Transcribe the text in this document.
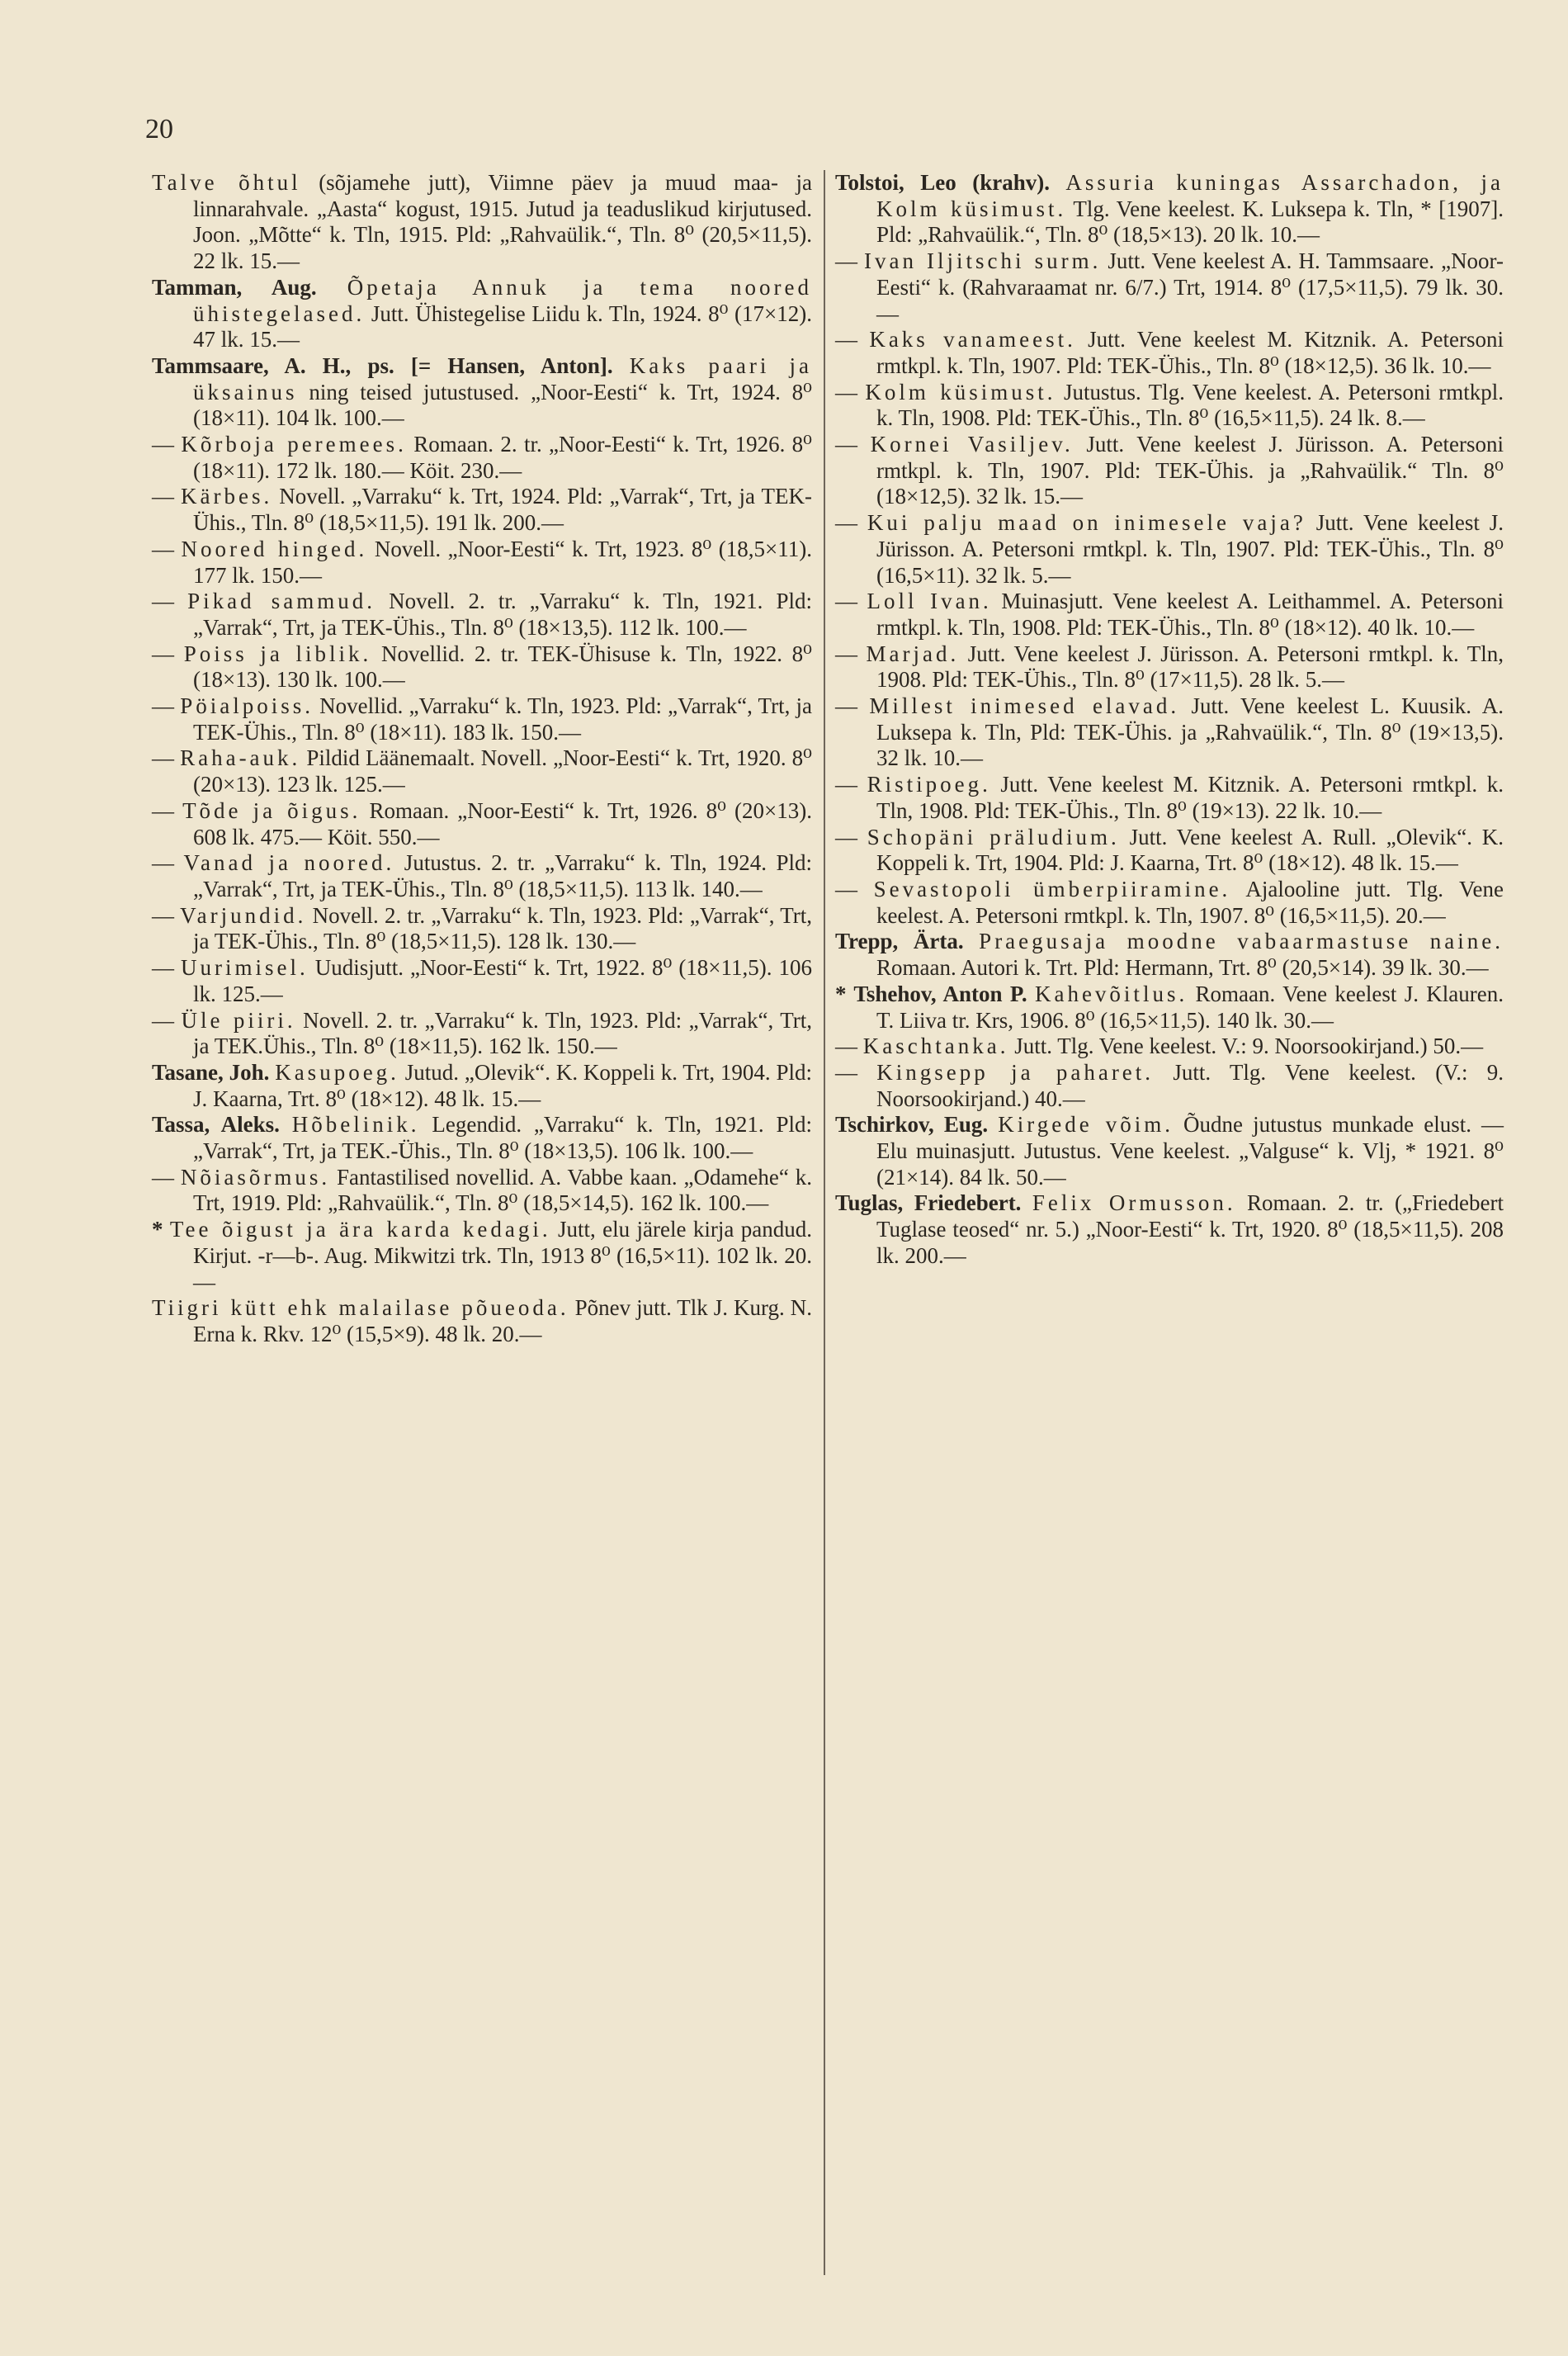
20

Talve õhtul (sõjamehe jutt), Viimne päev ja muud maa- ja linnarahvale. „Aasta“ kogust, 1915. Jutud ja teaduslikud kirjutused. Joon. „Mõtte“ k. Tln, 1915. Pld: „Rahvaülik.“, Tln. 8⁰ (20,5×11,5). 22 lk. 15.—

Tamman, Aug. Õpetaja Annuk ja tema noored ühistegelased. Jutt. Ühistegelise Liidu k. Tln, 1924. 8⁰ (17×12). 47 lk. 15.—

Tammsaare, A. H., ps. [= Hansen, Anton]. Kaks paari ja üksainus ning teised jutustused. „Noor-Eesti“ k. Trt, 1924. 8⁰ (18×11). 104 lk. 100.—

— Kõrboja peremees. Romaan. 2. tr. „Noor-Eesti“ k. Trt, 1926. 8⁰ (18×11). 172 lk. 180.— Köit. 230.—

— Kärbes. Novell. „Varraku“ k. Trt, 1924. Pld: „Varrak“, Trt, ja TEK-Ühis., Tln. 8⁰ (18,5×11,5). 191 lk. 200.—

— Noored hinged. Novell. „Noor-Eesti“ k. Trt, 1923. 8⁰ (18,5×11). 177 lk. 150.—

— Pikad sammud. Novell. 2. tr. „Varraku“ k. Tln, 1921. Pld: „Varrak“, Trt, ja TEK-Ühis., Tln. 8⁰ (18×13,5). 112 lk. 100.—

— Poiss ja liblik. Novellid. 2. tr. TEK-Ühisuse k. Tln, 1922. 8⁰ (18×13). 130 lk. 100.—

— Pöialpoiss. Novellid. „Varraku“ k. Tln, 1923. Pld: „Varrak“, Trt, ja TEK-Ühis., Tln. 8⁰ (18×11). 183 lk. 150.—

— Raha-auk. Pildid Läänemaalt. Novell. „Noor-Eesti“ k. Trt, 1920. 8⁰ (20×13). 123 lk. 125.—

— Tõde ja õigus. Romaan. „Noor-Eesti“ k. Trt, 1926. 8⁰ (20×13). 608 lk. 475.— Köit. 550.—

— Vanad ja noored. Jutustus. 2. tr. „Varraku“ k. Tln, 1924. Pld: „Varrak“, Trt, ja TEK-Ühis., Tln. 8⁰ (18,5×11,5). 113 lk. 140.—

— Varjundid. Novell. 2. tr. „Varraku“ k. Tln, 1923. Pld: „Varrak“, Trt, ja TEK-Ühis., Tln. 8⁰ (18,5×11,5). 128 lk. 130.—

— Uurimisel. Uudisjutt. „Noor-Eesti“ k. Trt, 1922. 8⁰ (18×11,5). 106 lk. 125.—

— Üle piiri. Novell. 2. tr. „Varraku“ k. Tln, 1923. Pld: „Varrak“, Trt, ja TEK.Ühis., Tln. 8⁰ (18×11,5). 162 lk. 150.—

Tasane, Joh. Kasupoeg. Jutud. „Olevik“. K. Koppeli k. Trt, 1904. Pld: J. Kaarna, Trt. 8⁰ (18×12). 48 lk. 15.—

Tassa, Aleks. Hõbelinik. Legendid. „Varraku“ k. Tln, 1921. Pld: „Varrak“, Trt, ja TEK.-Ühis., Tln. 8⁰ (18×13,5). 106 lk. 100.—

— Nõiasõrmus. Fantastilised novellid. A. Vabbe kaan. „Odamehe“ k. Trt, 1919. Pld: „Rahvaülik.“, Tln. 8⁰ (18,5×14,5). 162 lk. 100.—

* Tee õigust ja ära karda kedagi. Jutt, elu järele kirja pandud. Kirjut. -r—b-. Aug. Mikwitzi trk. Tln, 1913 8⁰ (16,5×11). 102 lk. 20.—

Tiigri kütt ehk malailase põueoda. Põnev jutt. Tlk J. Kurg. N. Erna k. Rkv. 12⁰ (15,5×9). 48 lk. 20.—

Tolstoi, Leo (krahv). Assuria kuningas Assarchadon, ja Kolm küsimust. Tlg. Vene keelest. K. Luksepa k. Tln, * [1907]. Pld: „Rahvaülik.“, Tln. 8⁰ (18,5×13). 20 lk. 10.—

— Ivan Iljitschi surm. Jutt. Vene keelest A. H. Tammsaare. „Noor-Eesti“ k. (Rahvaraamat nr. 6/7.) Trt, 1914. 8⁰ (17,5×11,5). 79 lk. 30.—

— Kaks vanameest. Jutt. Vene keelest M. Kitznik. A. Petersoni rmtkpl. k. Tln, 1907. Pld: TEK-Ühis., Tln. 8⁰ (18×12,5). 36 lk. 10.—

— Kolm küsimust. Jutustus. Tlg. Vene keelest. A. Petersoni rmtkpl. k. Tln, 1908. Pld: TEK-Ühis., Tln. 8⁰ (16,5×11,5). 24 lk. 8.—

— Kornei Vasiljev. Jutt. Vene keelest J. Jürisson. A. Petersoni rmtkpl. k. Tln, 1907. Pld: TEK-Ühis. ja „Rahvaülik.“ Tln. 8⁰ (18×12,5). 32 lk. 15.—

— Kui palju maad on inimesele vaja? Jutt. Vene keelest J. Jürisson. A. Petersoni rmtkpl. k. Tln, 1907. Pld: TEK-Ühis., Tln. 8⁰ (16,5×11). 32 lk. 5.—

— Loll Ivan. Muinasjutt. Vene keelest A. Leithammel. A. Petersoni rmtkpl. k. Tln, 1908. Pld: TEK-Ühis., Tln. 8⁰ (18×12). 40 lk. 10.—

— Marjad. Jutt. Vene keelest J. Jürisson. A. Petersoni rmtkpl. k. Tln, 1908. Pld: TEK-Ühis., Tln. 8⁰ (17×11,5). 28 lk. 5.—

— Millest inimesed elavad. Jutt. Vene keelest L. Kuusik. A. Luksepa k. Tln, Pld: TEK-Ühis. ja „Rahvaülik.“, Tln. 8⁰ (19×13,5). 32 lk. 10.—

— Ristipoeg. Jutt. Vene keelest M. Kitznik. A. Petersoni rmtkpl. k. Tln, 1908. Pld: TEK-Ühis., Tln. 8⁰ (19×13). 22 lk. 10.—

— Schopäni präludium. Jutt. Vene keelest A. Rull. „Olevik“. K. Koppeli k. Trt, 1904. Pld: J. Kaarna, Trt. 8⁰ (18×12). 48 lk. 15.—

— Sevastopoli ümberpiiramine. Ajalooline jutt. Tlg. Vene keelest. A. Petersoni rmtkpl. k. Tln, 1907. 8⁰ (16,5×11,5). 20.—

Trepp, Ärta. Praegusaja moodne vabaarmastuse naine. Romaan. Autori k. Trt. Pld: Hermann, Trt. 8⁰ (20,5×14). 39 lk. 30.—

* Tshehov, Anton P. Kahevõitlus. Romaan. Vene keelest J. Klauren. T. Liiva tr. Krs, 1906. 8⁰ (16,5×11,5). 140 lk. 30.—

— Kaschtanka. Jutt. Tlg. Vene keelest. V.: 9. Noorsookirjand.) 50.—

— Kingsepp ja paharet. Jutt. Tlg. Vene keelest. (V.: 9. Noorsookirjand.) 40.—

Tschirkov, Eug. Kirgede võim. Õudne jutustus munkade elust. — Elu muinasjutt. Jutustus. Vene keelest. „Valguse“ k. Vlj, * 1921. 8⁰ (21×14). 84 lk. 50.—

Tuglas, Friedebert. Felix Ormusson. Romaan. 2. tr. („Friedebert Tuglase teosed“ nr. 5.) „Noor-Eesti“ k. Trt, 1920. 8⁰ (18,5×11,5). 208 lk. 200.—
